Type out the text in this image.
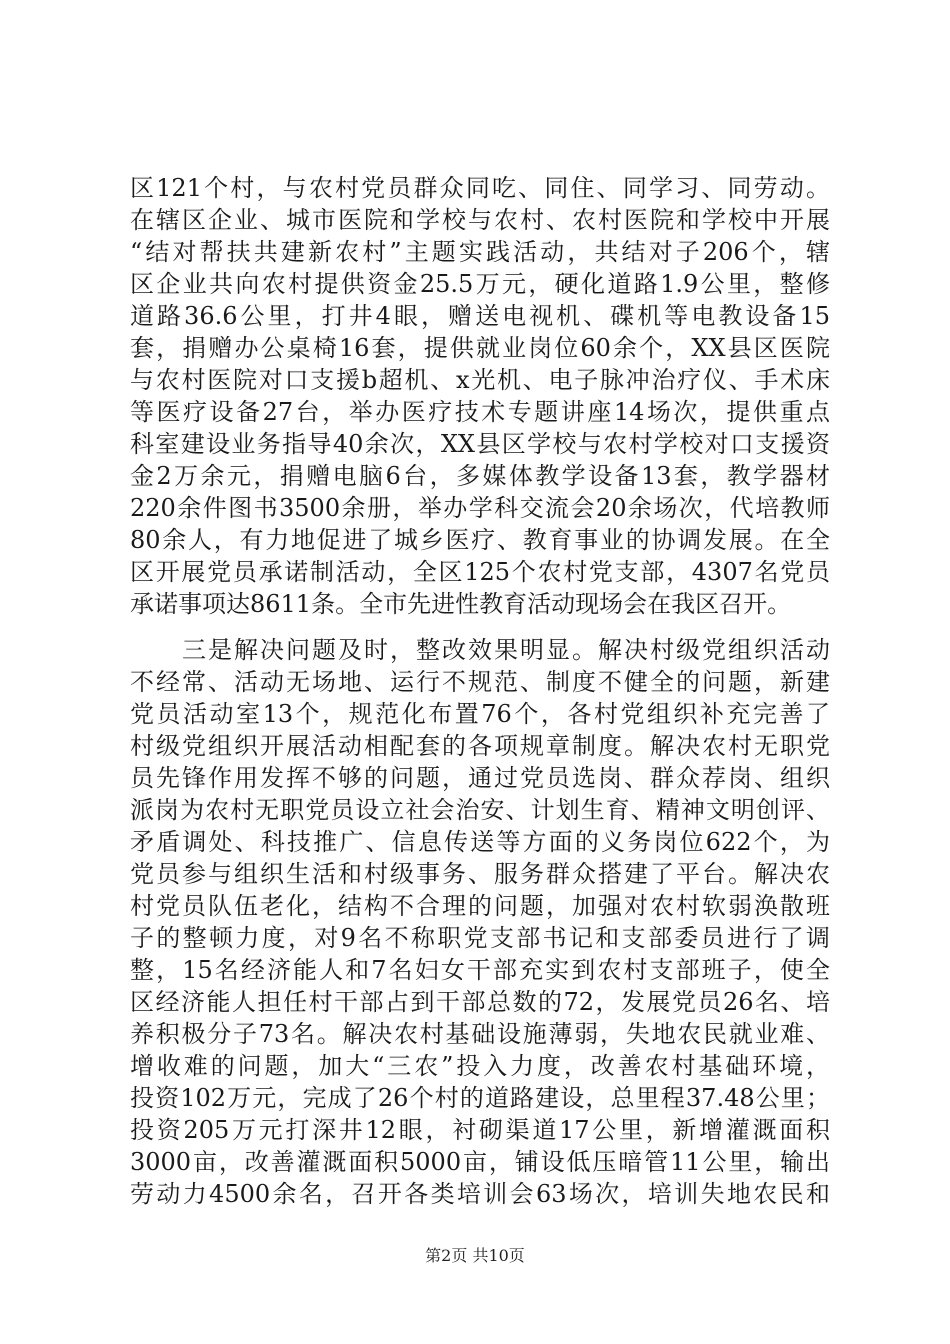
区121个村，与农村党员群众同吃、同住、同学习、同劳动。
在辖区企业、城市医院和学校与农村、农村医院和学校中开展
“结对帮扶共建新农村”主题实践活动，共结对子206个，辖
区企业共向农村提供资金25.5万元，硬化道路1.9公里，整修
道路36.6公里，打井4眼，赠送电视机、碟机等电教设备15
套，捐赠办公桌椅16套，提供就业岗位60余个，XX县区医院
与农村医院对口支援b超机、x光机、电子脉冲治疗仪、手术床
等医疗设备27台，举办医疗技术专题讲座14场次，提供重点
科室建设业务指导40余次，XX县区学校与农村学校对口支援资
金2万余元，捐赠电脑6台，多媒体教学设备13套，教学器材
220余件图书3500余册，举办学科交流会20余场次，代培教师
80余人，有力地促进了城乡医疗、教育事业的协调发展。在全
区开展党员承诺制活动，全区125个农村党支部，4307名党员
承诺事项达8611条。全市先进性教育活动现场会在我区召开。
　　三是解决问题及时，整改效果明显。解决村级党组织活动
不经常、活动无场地、运行不规范、制度不健全的问题，新建
党员活动室13个，规范化布置76个，各村党组织补充完善了
村级党组织开展活动相配套的各项规章制度。解决农村无职党
员先锋作用发挥不够的问题，通过党员选岗、群众荐岗、组织
派岗为农村无职党员设立社会治安、计划生育、精神文明创评、
矛盾调处、科技推广、信息传送等方面的义务岗位622个，为
党员参与组织生活和村级事务、服务群众搭建了平台。解决农
村党员队伍老化，结构不合理的问题，加强对农村软弱涣散班
子的整顿力度，对9名不称职党支部书记和支部委员进行了调
整，15名经济能人和7名妇女干部充实到农村支部班子，使全
区经济能人担任村干部占到干部总数的72，发展党员26名、培
养积极分子73名。解决农村基础设施薄弱，失地农民就业难、
增收难的问题，加大“三农”投入力度，改善农村基础环境，
投资102万元，完成了26个村的道路建设，总里程37.48公里；
投资205万元打深井12眼，衬砌渠道17公里，新增灌溉面积
3000亩，改善灌溉面积5000亩，铺设低压暗管11公里，输出
劳动力4500余名，召开各类培训会63场次，培训失地农民和
第2页 共10页
